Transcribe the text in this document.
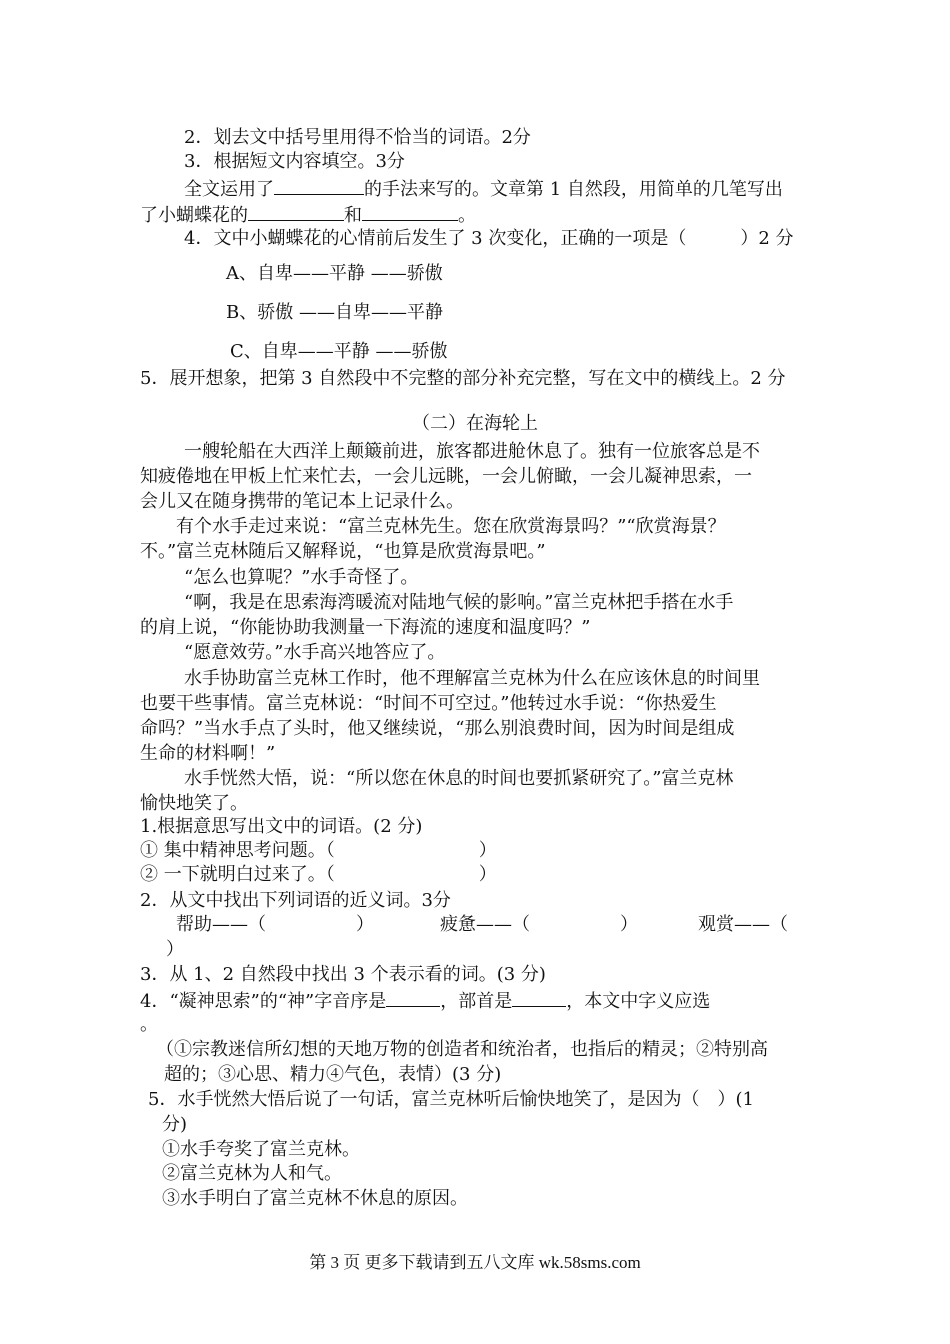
2．划去文中括号里用得不恰当的词语。2分
3．根据短文内容填空。3分
全文运用了	的手法来写的。文章第 1 自然段，用简单的几笔写出
了小蝴蝶花的	和	。
4．文中小蝴蝶花的心情前后发生了 3 次变化，正确的一项是（　　　）2 分
A、自卑——平静 ——骄傲
B、骄傲 ——自卑——平静
C、自卑——平静 ——骄傲
5．展开想象，把第 3 自然段中不完整的部分补充完整，写在文中的横线上。2 分
（二）在海轮上
一艘轮船在大西洋上颠簸前进，旅客都进舱休息了。独有一位旅客总是不
知疲倦地在甲板上忙来忙去，一会儿远眺，一会儿俯瞰，一会儿凝神思索，一
会儿又在随身携带的笔记本上记录什么。
有个水手走过来说：“富兰克林先生。您在欣赏海景吗？”“欣赏海景？
不。”富兰克林随后又解释说，“也算是欣赏海景吧。”
“怎么也算呢？”水手奇怪了。
“啊，我是在思索海湾暖流对陆地气候的影响。”富兰克林把手搭在水手
的肩上说，“你能协助我测量一下海流的速度和温度吗？”
“愿意效劳。”水手高兴地答应了。
水手协助富兰克林工作时，他不理解富兰克林为什么在应该休息的时间里
也要干些事情。富兰克林说：“时间不可空过。”他转过水手说：“你热爱生
命吗？”当水手点了头时，他又继续说，“那么别浪费时间，因为时间是组成
生命的材料啊！”
水手恍然大悟，说：“所以您在休息的时间也要抓紧研究了。”富兰克林
愉快地笑了。
1.根据意思写出文中的词语。(2 分)
① 集中精神思考问题。（　　　　　　　　）
② 一下就明白过来了。（　　　　　　　　）
2．从文中找出下列词语的近义词。3分
帮助——（　　　　　）	疲惫——（　　　　　）	观赏——（
）
3．从 1、2 自然段中找出 3 个表示看的词。(3 分)
4．“凝神思索”的“神”字音序是	，部首是	，本文中字义应选
。
（①宗教迷信所幻想的天地万物的创造者和统治者，也指后的精灵；②特别高
超的；③心思、精力④气色，表情）(3 分)
5．水手恍然大悟后说了一句话，富兰克林听后愉快地笑了，是因为（　）(1
分)
①水手夸奖了富兰克林。
②富兰克林为人和气。
③水手明白了富兰克林不休息的原因。
第 3 页 更多下载请到五八文库 wk.58sms.com
